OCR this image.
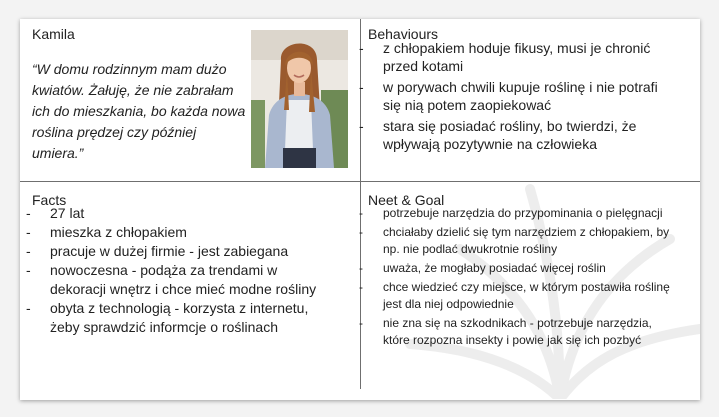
Kamila
“W domu rodzinnym mam dużo kwiatów. Żałuję, że nie zabrałam ich do mieszkania, bo każda nowa roślina prędzej czy później umiera.”
Behaviours
Facts	Neet & Goal
- z chłopakiem hoduje fikusy, musi je chronić przed kotami
- w porywach chwili kupuje roślinę i nie potrafi się nią potem zaopiekować
- stara się posiadać rośliny, bo twierdzi, że wpływają pozytywnie na człowieka
- 27 lat
- mieszka z chłopakiem
- pracuje w dużej firmie - jest zabiegana
- nowoczesna - podąża za trendami w dekoracji wnętrz i chce mieć modne rośliny
- obyta z technologią - korzysta z internetu, żeby sprawdzić informcje o roślinach
- potrzebuje narzędzia do przypominania o pielęgnacji
- chciałaby dzielić się tym narzędziem z chłopakiem, by np. nie podlać dwukrotnie rośliny
- uważa, że mogłaby posiadać więcej roślin
- chce wiedzieć czy miejsce, w którym postawiła roślinę jest dla niej odpowiednie
- nie zna się na szkodnikach - potrzebuje narzędzia, które rozpozna insekty i powie jak się ich pozbyć
